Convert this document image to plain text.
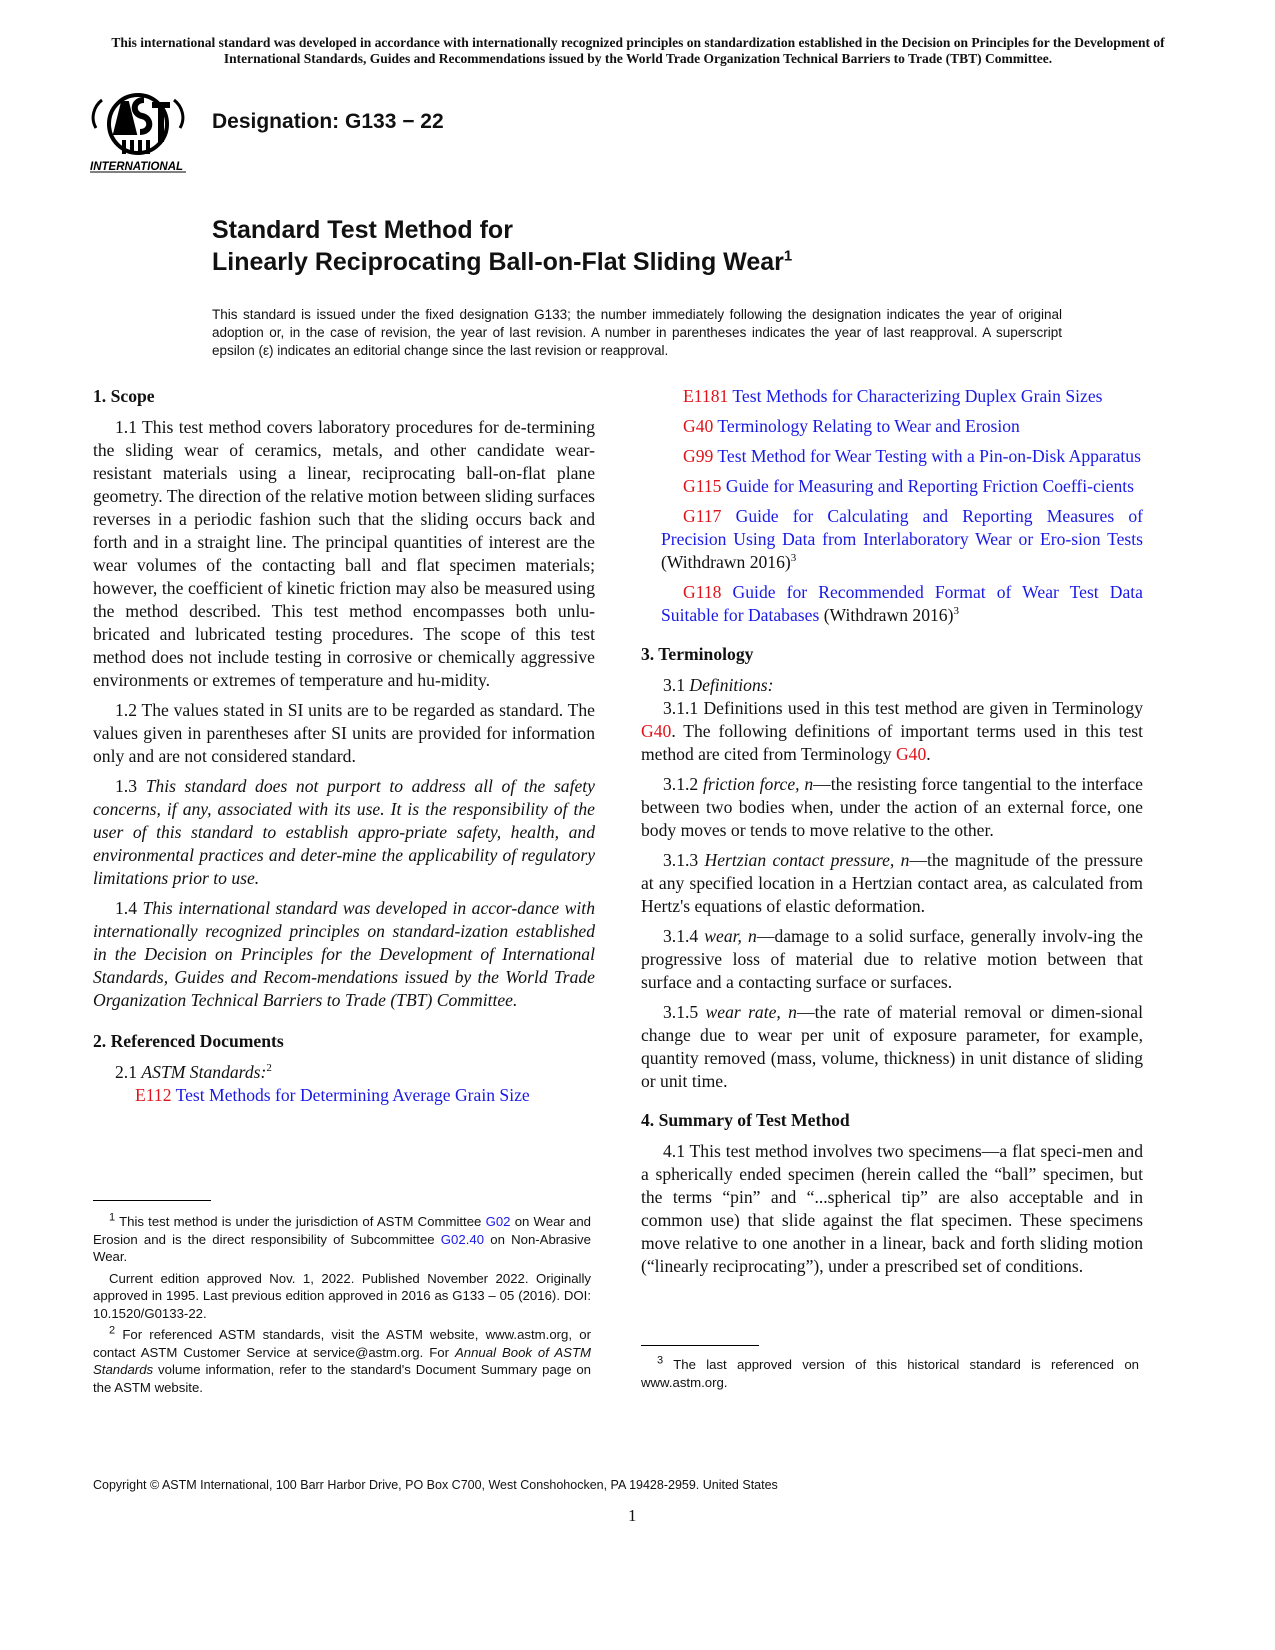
This international standard was developed in accordance with internationally recognized principles on standardization established in the Decision on Principles for the Development of International Standards, Guides and Recommendations issued by the World Trade Organization Technical Barriers to Trade (TBT) Committee.
INTERNATIONAL
Designation: G133 − 22
Standard Test Method for
Linearly Reciprocating Ball-on-Flat Sliding Wear$^1$
This standard is issued under the fixed designation G133; the number immediately following the designation indicates the year of original adoption or, in the case of revision, the year of last revision. A number in parentheses indicates the year of last reapproval. A superscript epsilon (ε) indicates an editorial change since the last revision or reapproval.
1. Scope

1.1 This test method covers laboratory procedures for de-termining the sliding wear of ceramics, metals, and other candidate wear-resistant materials using a linear, reciprocating ball-on-flat plane geometry. The direction of the relative motion between sliding surfaces reverses in a periodic fashion such that the sliding occurs back and forth and in a straight line. The principal quantities of interest are the wear volumes of the contacting ball and flat specimen materials; however, the coefficient of kinetic friction may also be measured using the method described. This test method encompasses both unlu-bricated and lubricated testing procedures. The scope of this test method does not include testing in corrosive or chemically aggressive environments or extremes of temperature and hu-midity.

1.2 The values stated in SI units are to be regarded as standard. The values given in parentheses after SI units are provided for information only and are not considered standard.

1.3 This standard does not purport to address all of the safety concerns, if any, associated with its use. It is the responsibility of the user of this standard to establish appro-priate safety, health, and environmental practices and deter-mine the applicability of regulatory limitations prior to use.

1.4 This international standard was developed in accor-dance with internationally recognized principles on standard-ization established in the Decision on Principles for the Development of International Standards, Guides and Recom-mendations issued by the World Trade Organization Technical Barriers to Trade (TBT) Committee.

2. Referenced Documents

2.1 ASTM Standards:$^2$

E112 Test Methods for Determining Average Grain Size

$^1$ This test method is under the jurisdiction of ASTM Committee G02 on Wear and Erosion and is the direct responsibility of Subcommittee G02.40 on Non-Abrasive Wear.

Current edition approved Nov. 1, 2022. Published November 2022. Originally approved in 1995. Last previous edition approved in 2016 as G133 – 05 (2016). DOI: 10.1520/G0133-22.

$^2$ For referenced ASTM standards, visit the ASTM website, www.astm.org, or contact ASTM Customer Service at service@astm.org. For Annual Book of ASTM Standards volume information, refer to the standard's Document Summary page on the ASTM website.

E1181 Test Methods for Characterizing Duplex Grain Sizes

G40 Terminology Relating to Wear and Erosion

G99 Test Method for Wear Testing with a Pin-on-Disk Apparatus

G115 Guide for Measuring and Reporting Friction Coeffi-cients

G117 Guide for Calculating and Reporting Measures of Precision Using Data from Interlaboratory Wear or Ero-sion Tests (Withdrawn 2016)$^3$

G118 Guide for Recommended Format of Wear Test Data Suitable for Databases (Withdrawn 2016)$^3$

3. Terminology

3.1 Definitions:

3.1.1 Definitions used in this test method are given in Terminology G40. The following definitions of important terms used in this test method are cited from Terminology G40.

3.1.2 friction force, n—the resisting force tangential to the interface between two bodies when, under the action of an external force, one body moves or tends to move relative to the other.

3.1.3 Hertzian contact pressure, n—the magnitude of the pressure at any specified location in a Hertzian contact area, as calculated from Hertz's equations of elastic deformation.

3.1.4 wear, n—damage to a solid surface, generally involv-ing the progressive loss of material due to relative motion between that surface and a contacting surface or surfaces.

3.1.5 wear rate, n—the rate of material removal or dimen-sional change due to wear per unit of exposure parameter, for example, quantity removed (mass, volume, thickness) in unit distance of sliding or unit time.

4. Summary of Test Method

4.1 This test method involves two specimens—a flat speci-men and a spherically ended specimen (herein called the “ball” specimen, but the terms “pin” and “...spherical tip” are also acceptable and in common use) that slide against the flat specimen. These specimens move relative to one another in a linear, back and forth sliding motion (“linearly reciprocating”), under a prescribed set of conditions.

$^3$ The last approved version of this historical standard is referenced on www.astm.org.

Copyright © ASTM International, 100 Barr Harbor Drive, PO Box C700, West Conshohocken, PA 19428-2959. United States
1
